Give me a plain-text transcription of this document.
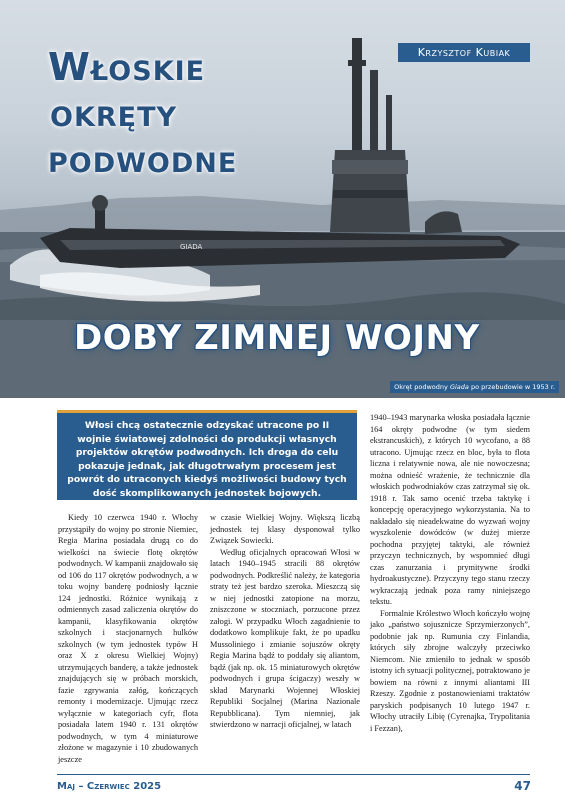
GIADA
Włoskie
okręty
podwodne
Krzysztof Kubiak
DOBY ZIMNEJ WOJNY
Okręt podwodny Giada po przebudowie w 1953 r.
Włosi chcą ostatecznie odzyskać utracone po II wojnie światowej zdolności do produkcji własnych projektów okrętów podwodnych. Ich droga do celu pokazuje jednak, jak długotrwałym procesem jest powrót do utraconych kiedyś możliwości budowy tych dość skomplikowanych jednostek bojowych.

Kiedy 10 czerwca 1940 r. Włochy przystąpiły do wojny po stronie Niemiec, Regia Marina posiadała drugą co do wielkości na świecie flotę okrętów podwodnych. W kampanii znajdowało się od 106 do 117 okrętów podwodnych, a w toku wojny banderę podniosły łącznie 124 jednostki. Różnice wynikają z odmiennych zasad zaliczenia okrętów do kampanii, klasyfikowania okrętów szkolnych i stacjonarnych hulków szkolnych (w tym jednostek typów H oraz X z okresu Wielkiej Wojny) utrzymujących banderę, a także jednostek znajdujących się w próbach morskich, fazie zgrywania załóg, kończących remonty i modernizacje. Ujmując rzecz wyłącznie w kategoriach cyfr, flota posiadała latem 1940 r. 131 okrętów podwodnych, w tym 4 miniaturowe złożone w magazynie i 10 zbudowanych jeszcze

w czasie Wielkiej Wojny. Większą liczbą jednostek tej klasy dysponował tylko Związek Sowiecki.

Według oficjalnych opracowań Włosi w latach 1940–1945 stracili 88 okrętów podwodnych. Podkreślić należy, że kategoria straty też jest bardzo szeroka. Mieszczą się w niej jednostki zatopione na morzu, zniszczone w stoczniach, porzucone przez załogi. W przypadku Włoch zagadnienie to dodatkowo komplikuje fakt, że po upadku Mussoliniego i zmianie sojuszów okręty Regia Marina bądź to poddały się aliantom, bądź (jak np. ok. 15 miniaturowych okrętów podwodnych i grupa ścigaczy) weszły w skład Marynarki Wojennej Włoskiej Republiki Socjalnej (Marina Nazionale Repubblicana). Tym niemniej, jak stwierdzono w narracji oficjalnej, w latach

1940–1943 marynarka włoska posiadała łącznie 164 okręty podwodne (w tym siedem ekstrancuskich), z których 10 wycofano, a 88 utracono. Ujmując rzecz en bloc, była to flota liczna i relatywnie nowa, ale nie nowoczesna; można odnieść wrażenie, że technicznie dla włoskich podwodniaków czas zatrzymał się ok. 1918 r. Tak samo ocenić trzeba taktykę i koncepcję operacyjnego wykorzystania. Na to nakładało się nieadekwatne do wyzwań wojny wyszkolenie dowódców (w dużej mierze pochodna przyjętej taktyki, ale również przyczyn technicznych, by wspomnieć długi czas zanurzania i prymitywne środki hydroakustyczne). Przyczyny tego stanu rzeczy wykraczają jednak poza ramy niniejszego tekstu.

Formalnie Królestwo Włoch kończyło wojnę jako „państwo sojusznicze Sprzymierzonych”, podobnie jak np. Rumunia czy Finlandia, których siły zbrojne walczyły przeciwko Niemcom. Nie zmieniło to jednak w sposób istotny ich sytuacji politycznej, potraktowano je bowiem na równi z innymi aliantami III Rzeszy. Zgodnie z postanowieniami traktatów paryskich podpisanych 10 lutego 1947 r. Włochy utraciły Libię (Cyrenajka, Trypolitania i Fezzan),

Maj – Czerwiec 2025	47
